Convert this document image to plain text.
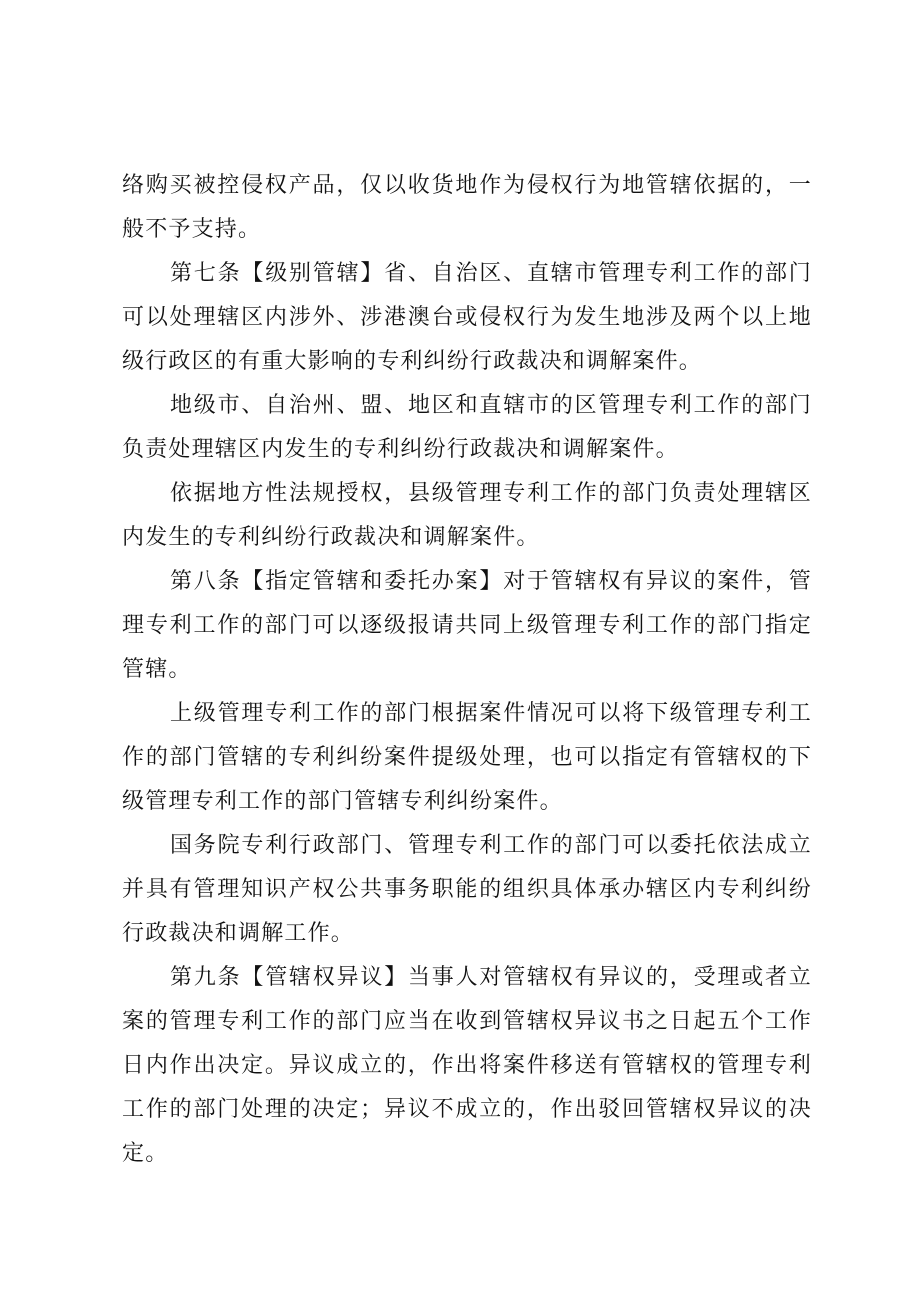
络购买被控侵权产品，仅以收货地作为侵权行为地管辖依据的，一般不予支持。

第七条【级别管辖】省、自治区、直辖市管理专利工作的部门可以处理辖区内涉外、涉港澳台或侵权行为发生地涉及两个以上地级行政区的有重大影响的专利纠纷行政裁决和调解案件。

地级市、自治州、盟、地区和直辖市的区管理专利工作的部门负责处理辖区内发生的专利纠纷行政裁决和调解案件。

依据地方性法规授权，县级管理专利工作的部门负责处理辖区内发生的专利纠纷行政裁决和调解案件。

第八条【指定管辖和委托办案】对于管辖权有异议的案件，管理专利工作的部门可以逐级报请共同上级管理专利工作的部门指定管辖。

上级管理专利工作的部门根据案件情况可以将下级管理专利工作的部门管辖的专利纠纷案件提级处理，也可以指定有管辖权的下级管理专利工作的部门管辖专利纠纷案件。

国务院专利行政部门、管理专利工作的部门可以委托依法成立并具有管理知识产权公共事务职能的组织具体承办辖区内专利纠纷行政裁决和调解工作。

第九条【管辖权异议】当事人对管辖权有异议的，受理或者立案的管理专利工作的部门应当在收到管辖权异议书之日起五个工作日内作出决定。异议成立的，作出将案件移送有管辖权的管理专利工作的部门处理的决定；异议不成立的，作出驳回管辖权异议的决定。
